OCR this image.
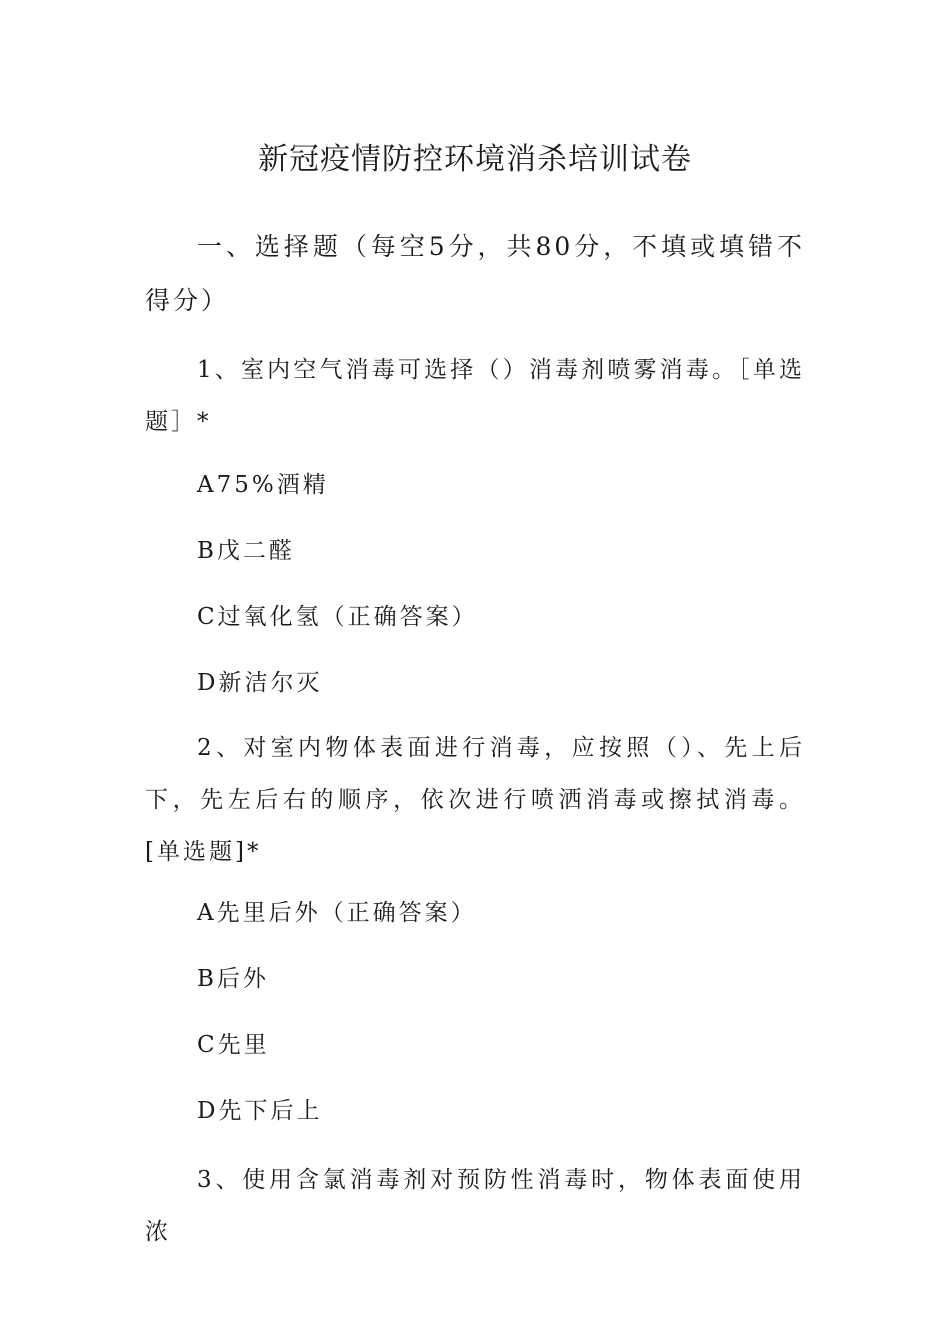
新冠疫情防控环境消杀培训试卷
一、选择题（每空5分，共80分，不填或填错不得分）
1、室内空气消毒可选择（）消毒剂喷雾消毒。［单选题］*
A75%酒精
B戊二醛
C过氧化氢（正确答案）
D新洁尔灭
2、对室内物体表面进行消毒，应按照（）、先上后下，先左后右的顺序，依次进行喷洒消毒或擦拭消毒。[单选题]*
A先里后外（正确答案）
B后外
C先里
D先下后上
3、使用含氯消毒剂对预防性消毒时，物体表面使用浓
